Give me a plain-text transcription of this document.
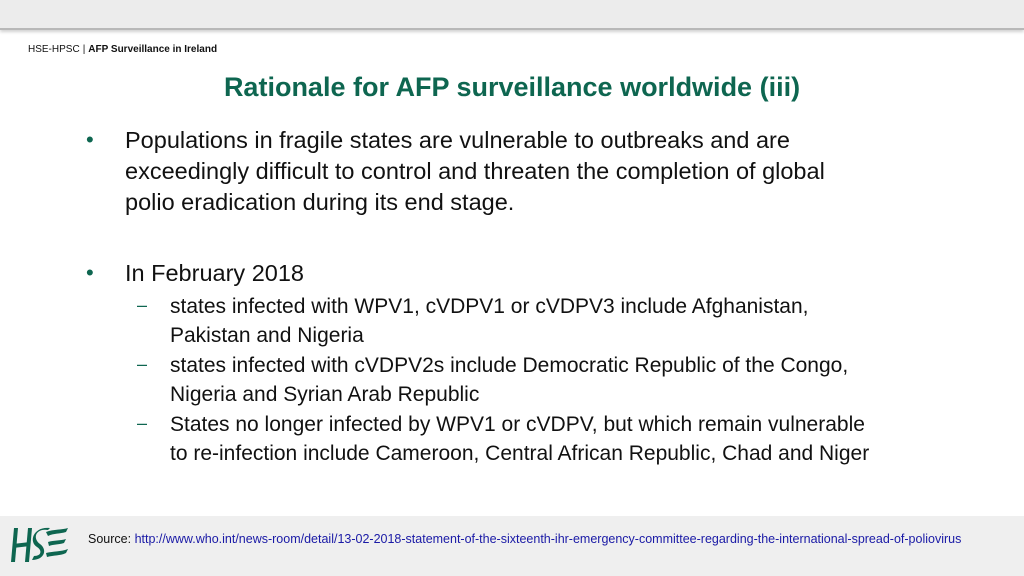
HSE-HPSC | AFP Surveillance in Ireland
Rationale for AFP surveillance worldwide (iii)
• Populations in fragile states are vulnerable to outbreaks and are
exceedingly difficult to control and threaten the completion of global
polio eradication during its end stage.
• In February 2018
– states infected with WPV1, cVDPV1 or cVDPV3 include Afghanistan,
Pakistan and Nigeria
– states infected with cVDPV2s include Democratic Republic of the Congo,
Nigeria and Syrian Arab Republic
– States no longer infected by WPV1 or cVDPV, but which remain vulnerable
to re-infection include Cameroon, Central African Republic, Chad and Niger
Source: http://www.who.int/news-room/detail/13-02-2018-statement-of-the-sixteenth-ihr-emergency-committee-regarding-the-international-spread-of-poliovirus
